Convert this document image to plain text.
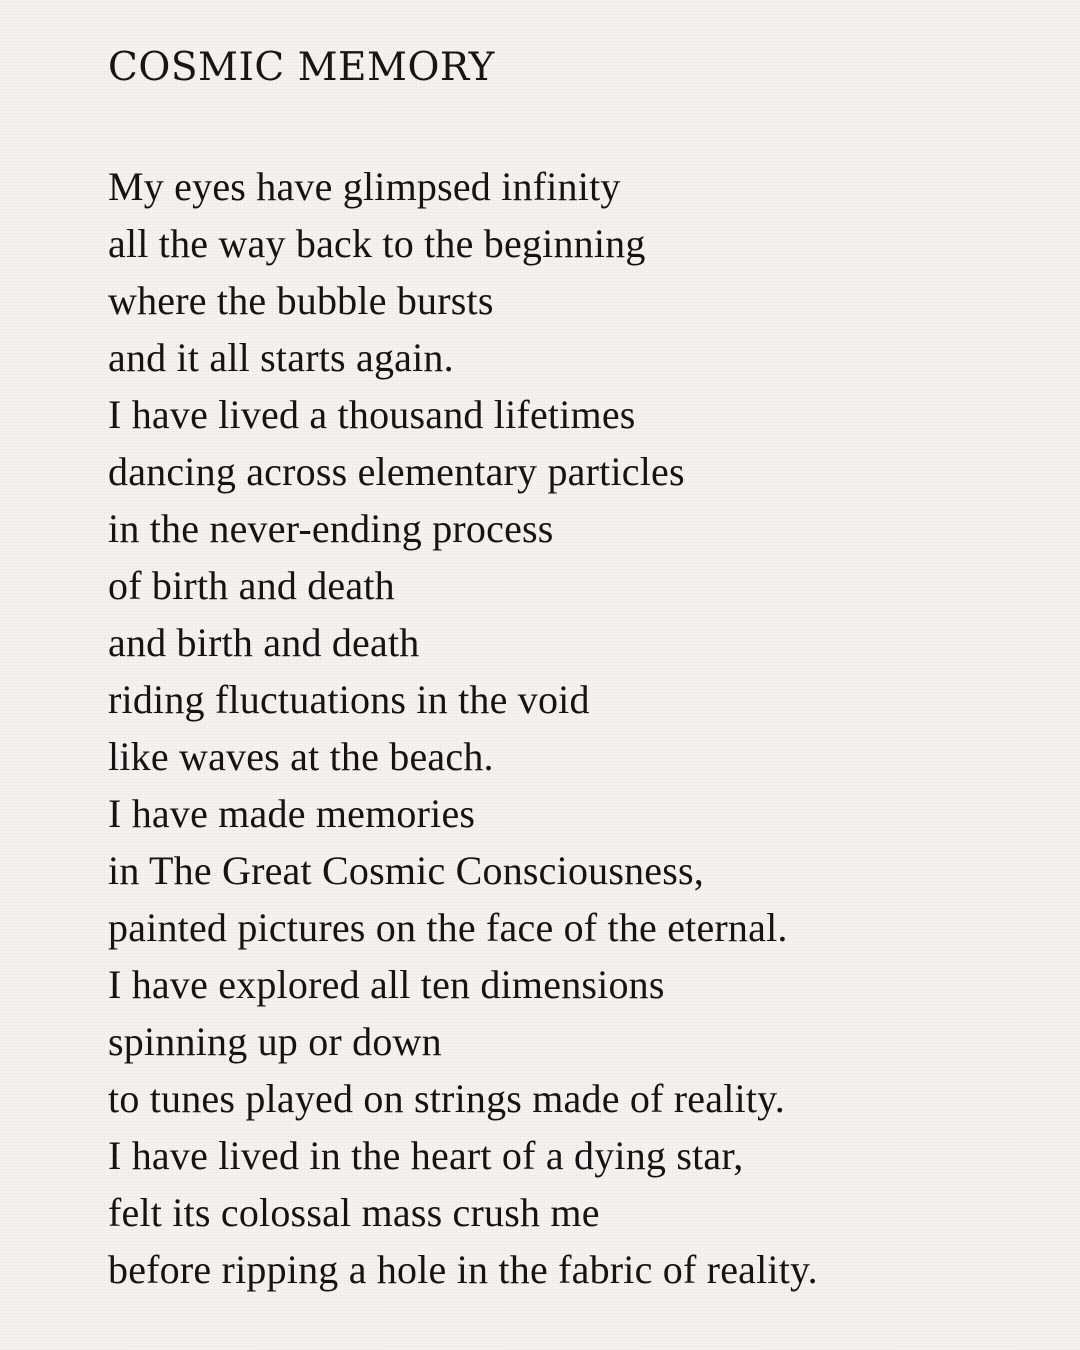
COSMIC MEMORY
My eyes have glimpsed infinity
all the way back to the beginning
where the bubble bursts
and it all starts again.
I have lived a thousand lifetimes
dancing across elementary particles
in the never-ending process
of birth and death
and birth and death
riding fluctuations in the void
like waves at the beach.
I have made memories
in The Great Cosmic Consciousness,
painted pictures on the face of the eternal.
I have explored all ten dimensions
spinning up or down
to tunes played on strings made of reality.
I have lived in the heart of a dying star,
felt its colossal mass crush me
before ripping a hole in the fabric of reality.
